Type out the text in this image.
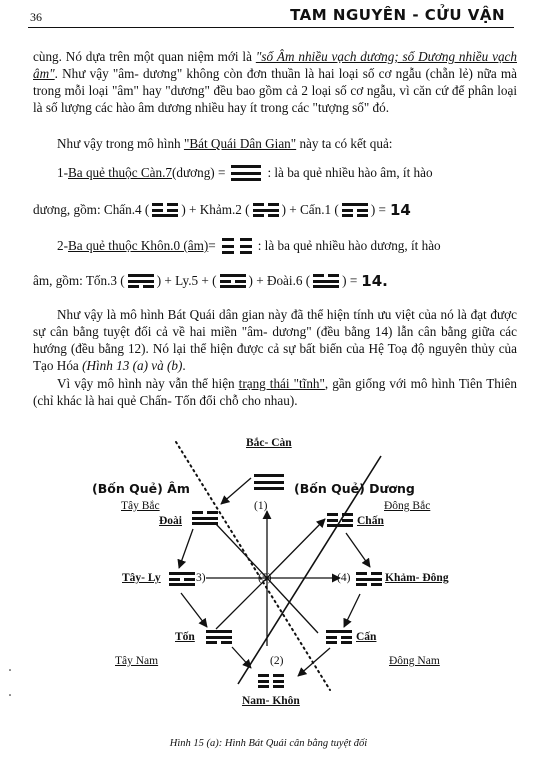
36	TAM NGUYÊN - CỬU VẬN
cùng. Nó dựa trên một quan niệm mới là "số Âm nhiều vạch dương; số Dương nhiều vạch âm". Như vậy "âm- dương" không còn đơn thuần là hai loại số cơ ngẫu (chẵn lẻ) nữa mà trong mỗi loại "âm" hay "dương" đều bao gồm cả 2 loại số cơ ngẫu, vì căn cứ để phân loại là số lượng các hào âm dương nhiều hay ít trong các "tượng số" đó.
Như vậy trong mô hình "Bát Quái Dân Gian" này ta có kết quả:
1- Ba quẻ thuộc Càn.7 (dương) =	: là ba quẻ nhiều hào âm, ít hào
dương, gồm: Chấn.4 ( ) + Khảm.2 ( ) + Cấn.1 ( ) = 14
2- Ba quẻ thuộc Khôn.0 (âm) =	: là ba quẻ nhiều hào dương, ít hào
âm, gồm: Tốn.3 ( ) + Ly.5 + ( ) + Đoài.6 ( ) = 14.
Như vậy là mô hình Bát Quái dân gian này đã thể hiện tính ưu việt của nó là đạt được sự cân bằng tuyệt đối cả về hai miền "âm- dương" (đều bằng 14) lẫn cân bằng giữa các hướng (đều bằng 12). Nó lại thể hiện được cả sự bất biến của Hệ Toạ độ nguyên thủy của Tạo Hóa (Hình 13 (a) và (b).
Vì vậy mô hình này vẫn thể hiện trạng thái "tĩnh", gần giống với mô hình Tiên Thiên (chỉ khác là hai quẻ Chấn- Tốn đổi chỗ cho nhau).
Bắc- Càn
(Bốn Quẻ) Âm	(Bốn Quẻ) Dương
Tây Bắc	Đông Bắc
Đoài
(1)
Chấn
Tây- Ly	3)	(5)	(4)	Khảm- Đông
Tốn	Cấn
Tây Nam	(2)	Đông Nam
Nam- Khôn
Hình 15 (a): Hình Bát Quái cân bằng tuyệt đối
